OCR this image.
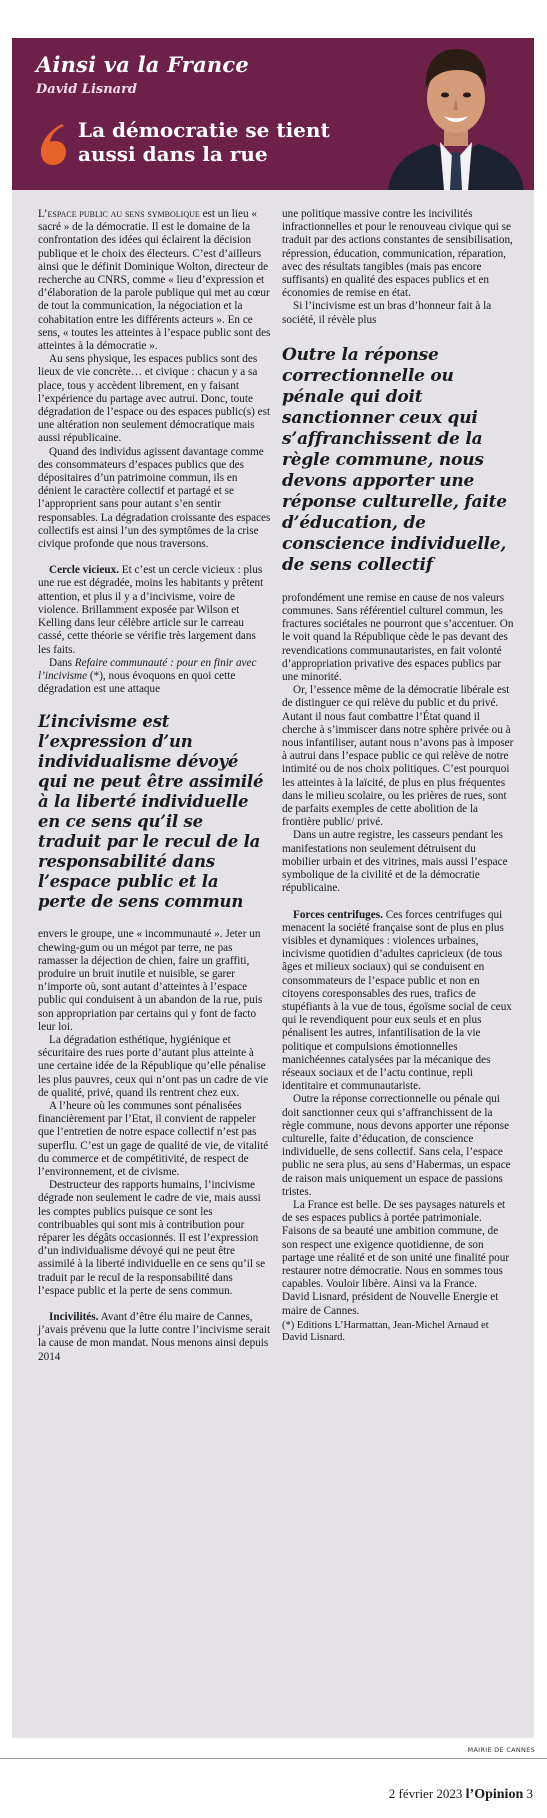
Ainsi va la France
David Lisnard
La démocratie se tient
aussi dans la rue

L’espace public au sens symbolique est un lieu « sacré » de la démocratie. Il est le domaine de la confrontation des idées qui éclairent la décision publique et le choix des électeurs. C’est d’ailleurs ainsi que le définit Dominique Wolton, directeur de recherche au CNRS, comme « lieu d’expression et d’élaboration de la parole publique qui met au cœur de tout la communication, la négociation et la cohabitation entre les différents acteurs ». En ce sens, « toutes les atteintes à l’espace public sont des atteintes à la démocratie ».

Au sens physique, les espaces publics sont des lieux de vie concrète… et civique : chacun y a sa place, tous y accèdent librement, en y faisant l’expérience du partage avec autrui. Donc, toute dégradation de l’espace ou des espaces public(s) est une altération non seulement démocratique mais aussi républicaine.

Quand des individus agissent davantage comme des consommateurs d’espaces publics que des dépositaires d’un patrimoine commun, ils en dénient le caractère collectif et partagé et se l’approprient sans pour autant s’en sentir responsables. La dégradation croissante des espaces collectifs est ainsi l’un des symptômes de la crise civique profonde que nous traversons.

Cercle vicieux. Et c’est un cercle vicieux : plus une rue est dégradée, moins les habitants y prêtent attention, et plus il y a d’incivisme, voire de violence. Brillamment exposée par Wilson et Kelling dans leur célèbre article sur le carreau cassé, cette théorie se vérifie très largement dans les faits.

Dans Refaire communauté : pour en finir avec l’incivisme (*), nous évoquons en quoi cette dégradation est une attaque

L’incivisme est l’expression d’un individualisme dévoyé qui ne peut être assimilé à la liberté individuelle en ce sens qu’il se traduit par le recul de la responsabilité dans l’espace public et la perte de sens commun

envers le groupe, une « incommunauté ». Jeter un chewing-gum ou un mégot par terre, ne pas ramasser la déjection de chien, faire un graffiti, produire un bruit inutile et nuisible, se garer n’importe où, sont autant d’atteintes à l’espace public qui conduisent à un abandon de la rue, puis son appropriation par certains qui y font de facto leur loi.

La dégradation esthétique, hygiénique et sécuritaire des rues porte d’autant plus atteinte à une certaine idée de la République qu’elle pénalise les plus pauvres, ceux qui n’ont pas un cadre de vie de qualité, privé, quand ils rentrent chez eux.

A l’heure où les communes sont pénalisées financièrement par l’Etat, il convient de rappeler que l’entretien de notre espace collectif n’est pas superflu. C’est un gage de qualité de vie, de vitalité du commerce et de compétitivité, de respect de l’environnement, et de civisme.

Destructeur des rapports humains, l’incivisme dégrade non seulement le cadre de vie, mais aussi les comptes publics puisque ce sont les contribuables qui sont mis à contribution pour réparer les dégâts occasionnés. Il est l’expression d’un individualisme dévoyé qui ne peut être assimilé à la liberté individuelle en ce sens qu’il se traduit par le recul de la responsabilité dans l’espace public et la perte de sens commun.

Incivilités. Avant d’être élu maire de Cannes, j’avais prévenu que la lutte contre l’incivisme serait la cause de mon mandat. Nous menons ainsi depuis 2014

une politique massive contre les incivilités infractionnelles et pour le renouveau civique qui se traduit par des actions constantes de sensibilisation, répression, éducation, communication, réparation, avec des résultats tangibles (mais pas encore suffisants) en qualité des espaces publics et en économies de remise en état.

Si l’incivisme est un bras d’honneur fait à la société, il révèle plus

Outre la réponse correctionnelle ou pénale qui doit sanctionner ceux qui s’affranchissent de la règle commune, nous devons apporter une réponse culturelle, faite d’éducation, de conscience individuelle, de sens collectif

profondément une remise en cause de nos valeurs communes. Sans référentiel culturel commun, les fractures sociétales ne pourront que s’accentuer. On le voit quand la République cède le pas devant des revendications communautaristes, en fait volonté d’appropriation privative des espaces publics par une minorité.

Or, l’essence même de la démocratie libérale est de distinguer ce qui relève du public et du privé. Autant il nous faut combattre l’État quand il cherche à s’immiscer dans notre sphère privée ou à nous infantiliser, autant nous n’avons pas à imposer à autrui dans l’espace public ce qui relève de notre intimité ou de nos choix politiques. C’est pourquoi les atteintes à la laïcité, de plus en plus fréquentes dans le milieu scolaire, ou les prières de rues, sont de parfaits exemples de cette abolition de la frontière public/ privé.

Dans un autre registre, les casseurs pendant les manifestations non seulement détruisent du mobilier urbain et des vitrines, mais aussi l’espace symbolique de la civilité et de la démocratie républicaine.

Forces centrifuges. Ces forces centrifuges qui menacent la société française sont de plus en plus visibles et dynamiques : violences urbaines, incivisme quotidien d’adultes capricieux (de tous âges et milieux sociaux) qui se conduisent en consommateurs de l’espace public et non en citoyens coresponsables des rues, trafics de stupéfiants à la vue de tous, égoïsme social de ceux qui le revendiquent pour eux seuls et en plus pénalisent les autres, infantilisation de la vie politique et compulsions émotionnelles manichéennes catalysées par la mécanique des réseaux sociaux et de l’actu continue, repli identitaire et communautariste.

Outre la réponse correctionnelle ou pénale qui doit sanctionner ceux qui s’affranchissent de la règle commune, nous devons apporter une réponse culturelle, faite d’éducation, de conscience individuelle, de sens collectif. Sans cela, l’espace public ne sera plus, au sens d’Habermas, un espace de raison mais uniquement un espace de passions tristes.

La France est belle. De ses paysages naturels et de ses espaces publics à portée patrimoniale. Faisons de sa beauté une ambition commune, de son respect une exigence quotidienne, de son partage une réalité et de son unité une finalité pour restaurer notre démocratie. Nous en sommes tous capables. Vouloir libère. Ainsi va la France.

David Lisnard, président de Nouvelle Energie et maire de Cannes.

(*) Editions L’Harmattan, Jean-Michel Arnaud et David Lisnard.

MAIRIE DE CANNES
2 février 2023 l’Opinion 3
